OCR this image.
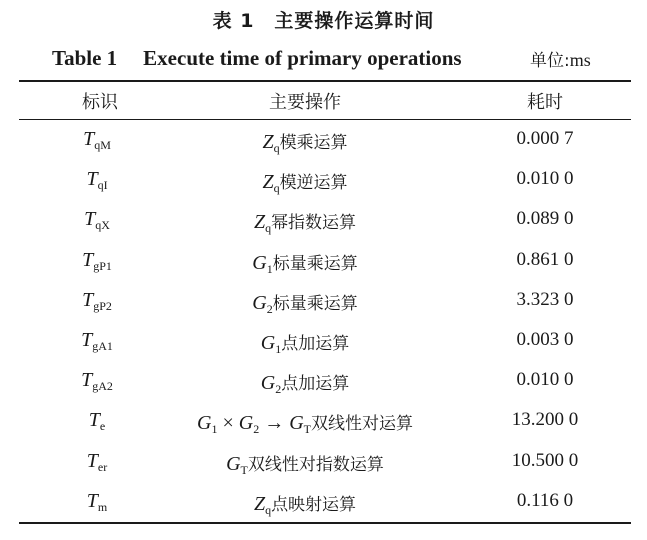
表 1　主要操作运算时间
Table 1 Execute time of primary operations	单位:ms
标识	主要操作	耗时
$T_{qM}$	$Z_q$模乘运算	0.000 7
$T_{qI}$	$Z_q$模逆运算	0.010 0
$T_{qX}$	$Z_q$幂指数运算	0.089 0
$T_{gP1}$	$G_1$标量乘运算	0.861 0
$T_{gP2}$	$G_2$标量乘运算	3.323 0
$T_{gA1}$	$G_1$点加运算	0.003 0
$T_{gA2}$	$G_2$点加运算	0.010 0
$T_e$	$G_1 \times G_2 \to G_T$双线性对运算	13.200 0
$T_{er}$	$G_T$双线性对指数运算	10.500 0
$T_m$	$Z_q$点映射运算	0.116 0
